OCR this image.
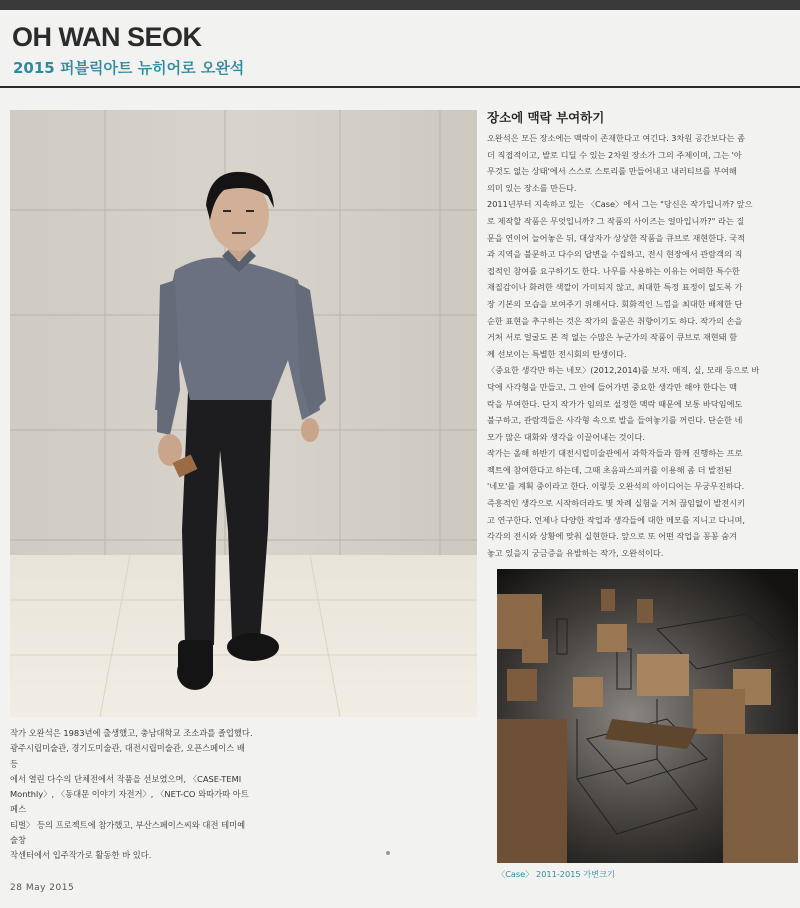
OH WAN SEOK
2015 퍼블릭아트 뉴히어로 오완석

작가 오완석은 1983년에 출생했고, 충남대학교 조소과를 졸업했다.

광주시립미술관, 경기도미술관, 대전시립미술관, 오픈스페이스 배 등

에서 열린 다수의 단체전에서 작품을 선보였으며, 〈CASE-TEMI

Monthly〉, 〈동대문 이야기 자전거〉, 〈NET-CO 와따가따 아트 페스

티벌〉 등의 프로젝트에 참가했고, 부산스페이스씨와 대전 테미예술창

작센터에서 입주작가로 활동한 바 있다.

장소에 맥락 부여하기

오완석은 모든 장소에는 맥락이 존재한다고 여긴다. 3차원 공간보다는 좀

더 직접적이고, 발로 디딜 수 있는 2차원 장소가 그의 주제이며, 그는 '아

무것도 없는 상태'에서 스스로 스토리를 만들어내고 내러티브를 부여해

의미 있는 장소를 만든다.

2011년부터 지속하고 있는 〈Case〉에서 그는 "당신은 작가입니까? 앞으

로 제작할 작품은 무엇입니까? 그 작품의 사이즈는 얼마입니까?" 라는 질

문을 연이어 늘어놓은 뒤, 대상자가 상상한 작품을 큐브로 재현한다. 국적

과 지역을 불문하고 다수의 답변을 수집하고, 전시 현장에서 관람객의 직

접적인 참여를 요구하기도 한다. 나무를 사용하는 이유는 어떠한 특수한

재질감이나 화려한 색깔이 가미되지 않고, 최대한 특정 표정이 없도록 가

장 기본의 모습을 보여주기 위해서다. 회화적인 느낌을 최대한 배제한 단

순한 표현을 추구하는 것은 작가의 울곧은 취향이기도 하다. 작가의 손을

거쳐 서로 얼굴도 본 적 없는 수많은 누군가의 작품이 큐브로 재현돼 함

께 선보이는 특별한 전시회의 탄생이다.

〈중요한 생각만 하는 네모〉(2012,2014)를 보자. 매직, 실, 모래 등으로 바

닥에 사각형을 만들고, 그 안에 들어가면 중요한 생각만 해야 한다는 맥

락을 부여한다. 단지 작가가 임의로 설정한 맥락 때문에 보통 바닥임에도

불구하고, 관람객들은 사각형 속으로 발을 들여놓기를 꺼린다. 단순한 네

모가 많은 대화와 생각을 이끌어내는 것이다.

작가는 올해 하반기 대전시립미술관에서 과학자들과 함께 진행하는 프로

젝트에 참여한다고 하는데, 그때 초음파스피커를 이용해 좀 더 발전된

'네모'를 계획 중이라고 한다. 이렇듯 오완석의 아이디어는 무궁무진하다.

즉흥적인 생각으로 시작하더라도 몇 차례 실험을 거쳐 끊임없이 발전시키

고 연구한다. 언제나 다양한 작업과 생각들에 대한 메모를 지니고 다니며,

각각의 전시와 상황에 맞춰 실현한다. 앞으로 또 어떤 작업을 꽁꽁 숨겨

놓고 있을지 궁금증을 유발하는 작가, 오완석이다.

〈Case〉 2011-2015 가변크기
28 May 2015
